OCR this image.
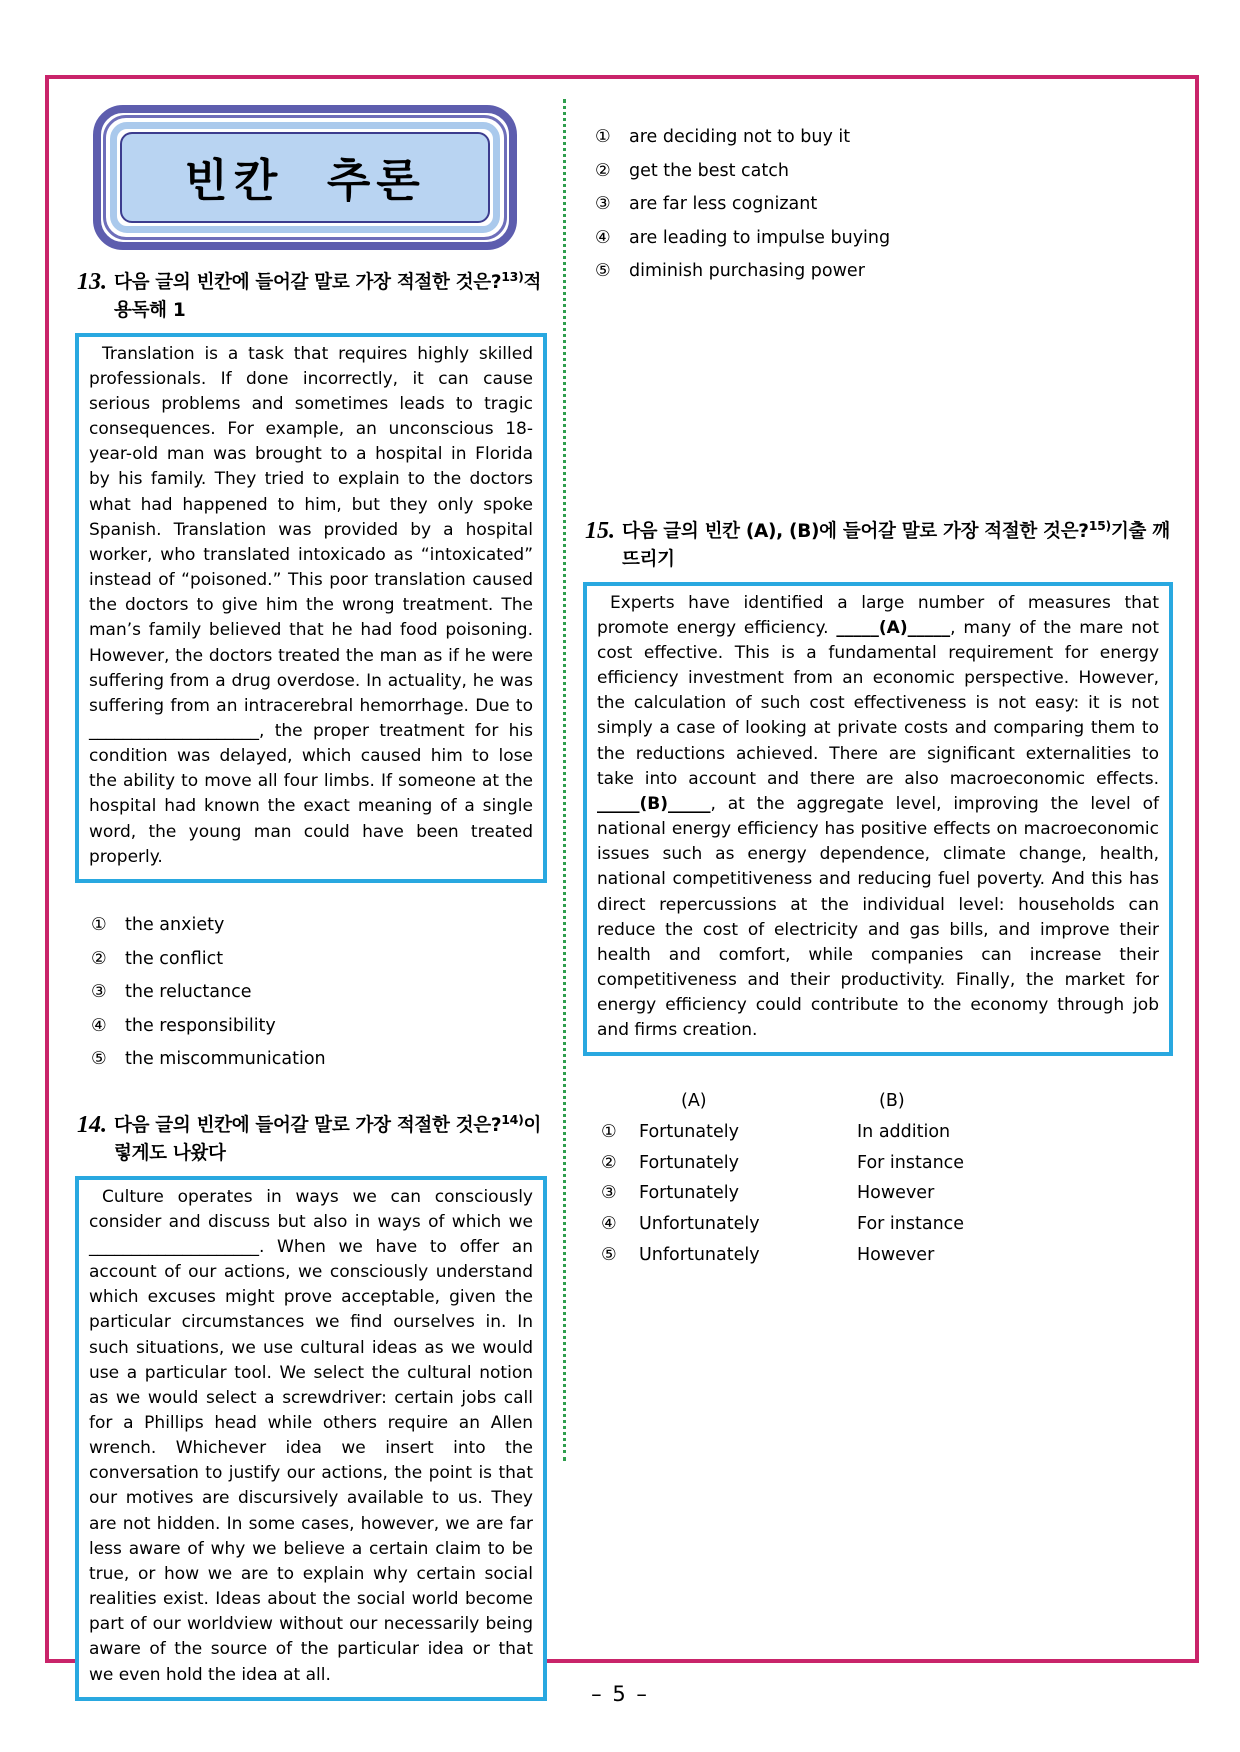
빈칸 추론
13. 다음 글의 빈칸에 들어갈 말로 가장 적절한 것은?$^{13)}$적용독해 1

Translation is a task that requires highly skilled professionals. If done incorrectly, it can cause serious problems and sometimes leads to tragic consequences. For example, an unconscious 18-year-old man was brought to a hospital in Florida by his family. They tried to explain to the doctors what had happened to him, but they only spoke Spanish. Translation was provided by a hospital worker, who translated intoxicado as “intoxicated” instead of “poisoned.” This poor translation caused the doctors to give him the wrong treatment. The man’s family believed that he had food poisoning. However, the doctors treated the man as if he were suffering from a drug overdose. In actuality, he was suffering from an intracerebral hemorrhage. Due to ____________________, the proper treatment for his condition was delayed, which caused him to lose the ability to move all four limbs. If someone at the hospital had known the exact meaning of a single word, the young man could have been treated properly.

①	the anxiety
②	the conflict
③	the reluctance
④	the responsibility
⑤	the miscommunication
14. 다음 글의 빈칸에 들어갈 말로 가장 적절한 것은?$^{14)}$이렇게도 나왔다

Culture operates in ways we can consciously consider and discuss but also in ways of which we ____________________. When we have to offer an account of our actions, we consciously understand which excuses might prove acceptable, given the particular circumstances we find ourselves in. In such situations, we use cultural ideas as we would use a particular tool. We select the cultural notion as we would select a screwdriver: certain jobs call for a Phillips head while others require an Allen wrench. Whichever idea we insert into the conversation to justify our actions, the point is that our motives are discursively available to us. They are not hidden. In some cases, however, we are far less aware of why we believe a certain claim to be true, or how we are to explain why certain social realities exist. Ideas about the social world become part of our worldview without our necessarily being aware of the source of the particular idea or that we even hold the idea at all.

①	are deciding not to buy it
②	get the best catch
③	are far less cognizant
④	are leading to impulse buying
⑤	diminish purchasing power
15. 다음 글의 빈칸 (A), (B)에 들어갈 말로 가장 적절한 것은?$^{15)}$기출 깨뜨리기

Experts have identified a large number of measures that promote energy efficiency. _____(A)_____, many of the mare not cost effective. This is a fundamental requirement for energy efficiency investment from an economic perspective. However, the calculation of such cost effectiveness is not easy: it is not simply a case of looking at private costs and comparing them to the reductions achieved. There are significant externalities to take into account and there are also macroeconomic effects. _____(B)_____, at the aggregate level, improving the level of national energy efficiency has positive effects on macroeconomic issues such as energy dependence, climate change, health, national competitiveness and reducing fuel poverty. And this has direct repercussions at the individual level: households can reduce the cost of electricity and gas bills, and improve their health and comfort, while companies can increase their competitiveness and their productivity. Finally, the market for energy efficiency could contribute to the economy through job and firms creation.

(A)	(B)
①	Fortunately	In addition
②	Fortunately	For instance
③	Fortunately	However
④	Unfortunately	For instance
⑤	Unfortunately	However
– 5 –
